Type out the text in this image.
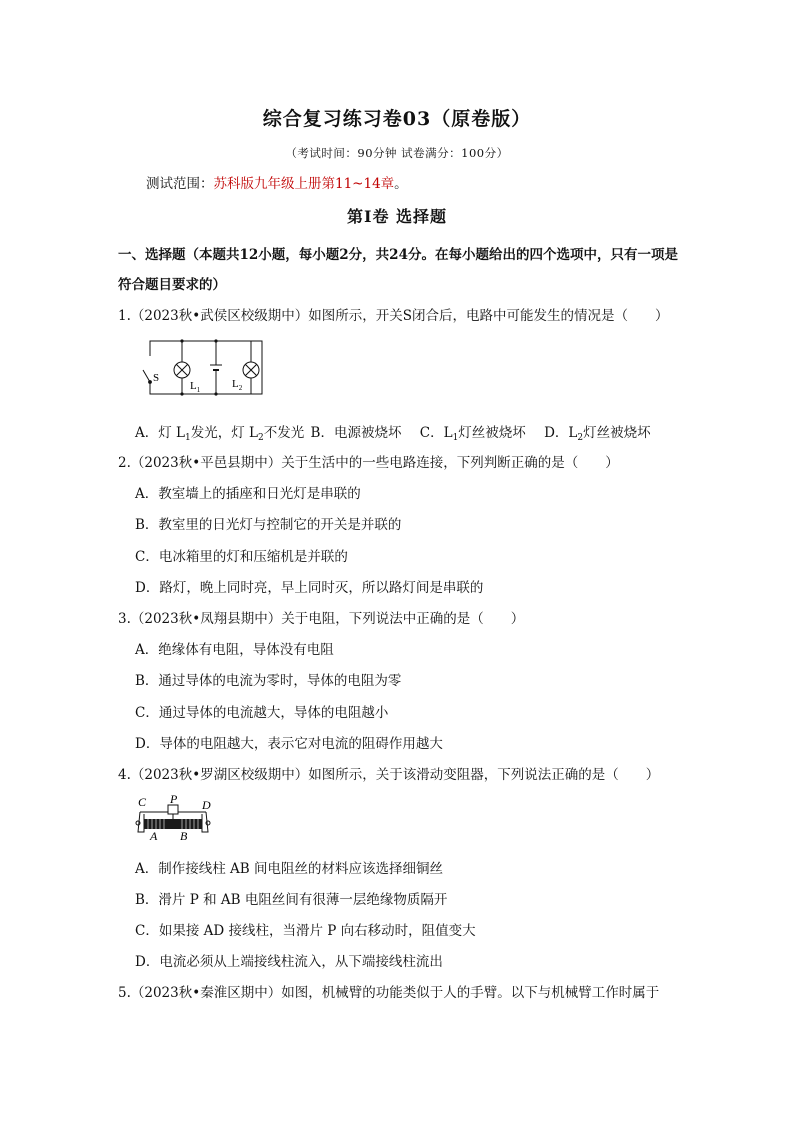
综合复习练习卷03（原卷版）
（考试时间：90分钟 试卷满分：100分）
测试范围：苏科版九年级上册第11~14章。
第Ⅰ卷 选择题
一、选择题（本题共12小题，每小题2分，共24分。在每小题给出的四个选项中，只有一项是符合题目要求的）
1.（2023秋•武侯区校级期中）如图所示，开关S闭合后，电路中可能发生的情况是（　　）
S
$L_1$	$L_2$
A．灯 $L_1$发光，灯 $L_2$不发光 B．电源被烧坏 C．$L_1$灯丝被烧坏 D．$L_2$灯丝被烧坏
2.（2023秋•平邑县期中）关于生活中的一些电路连接，下列判断正确的是（　　）
A．教室墙上的插座和日光灯是串联的
B．教室里的日光灯与控制它的开关是并联的
C．电冰箱里的灯和压缩机是并联的
D．路灯，晚上同时亮，早上同时灭，所以路灯间是串联的
3.（2023秋•凤翔县期中）关于电阻，下列说法中正确的是（　　）
A．绝缘体有电阻，导体没有电阻
B．通过导体的电流为零时，导体的电阻为零
C．通过导体的电流越大，导体的电阻越小
D．导体的电阻越大，表示它对电流的阻碍作用越大
4.（2023秋•罗湖区校级期中）如图所示，关于该滑动变阻器，下列说法正确的是（　　）
C P D
A B
A．制作接线柱 AB 间电阻丝的材料应该选择细铜丝
B．滑片 P 和 AB 电阻丝间有很薄一层绝缘物质隔开
C．如果接 AD 接线柱，当滑片 P 向右移动时，阻值变大
D．电流必须从上端接线柱流入，从下端接线柱流出
5.（2023秋•秦淮区期中）如图，机械臂的功能类似于人的手臂。以下与机械臂工作时属于
